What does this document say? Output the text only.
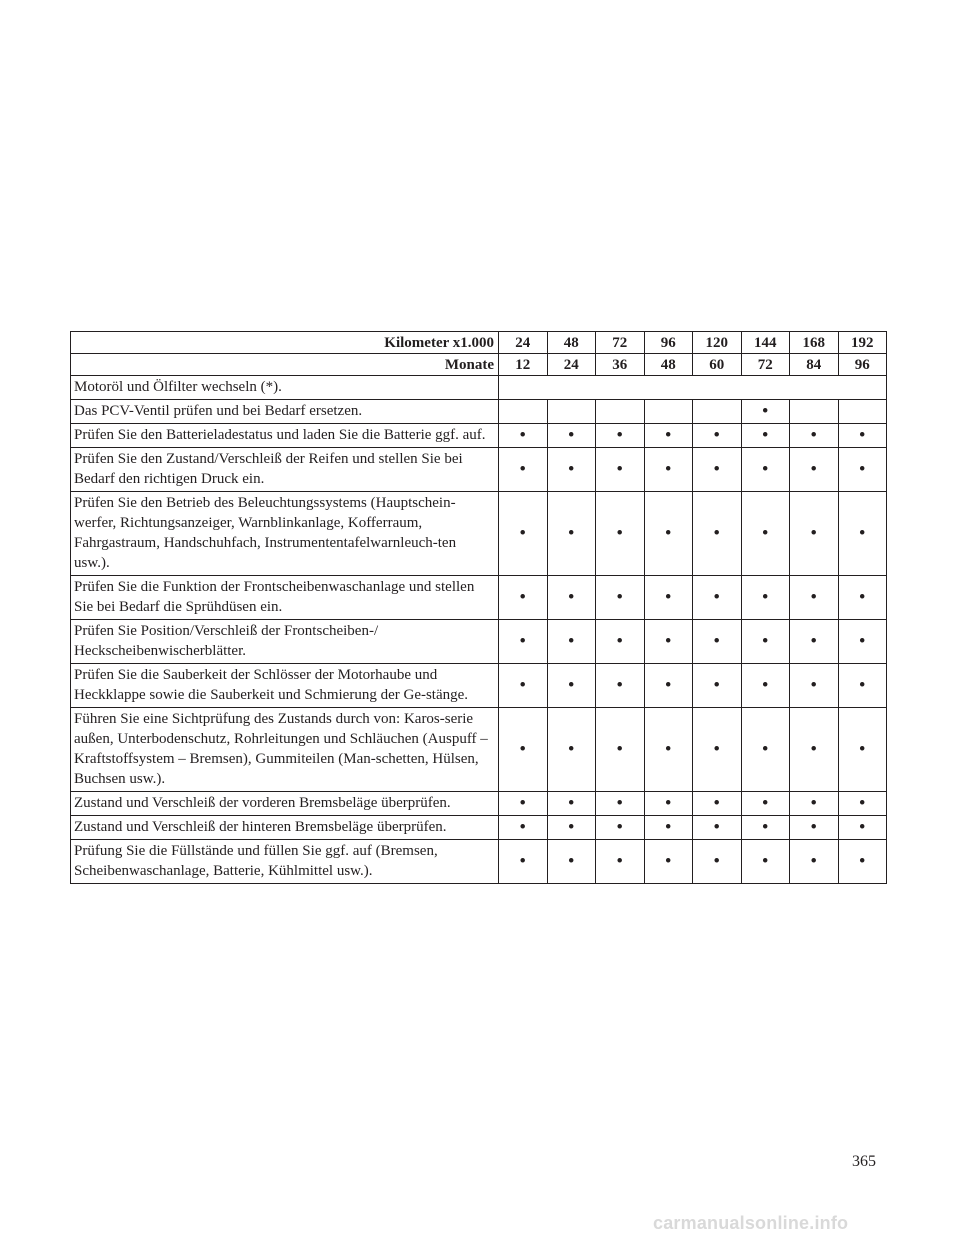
Kilometer x1.000	24	48	72	96	120	144	168	192
Monate	12	24	36	48	60	72	84	96
Motoröl und Ölfilter wechseln (*).								
Das PCV-Ventil prüfen und bei Bedarf ersetzen.						•		
Prüfen Sie den Batterieladestatus und laden Sie die Batterie ggf. auf.	•	•	•	•	•	•	•	•
Prüfen Sie den Zustand/Verschleiß der Reifen und stellen Sie bei Bedarf den richtigen Druck ein.	•	•	•	•	•	•	•	•
Prüfen Sie den Betrieb des Beleuchtungssystems (Hauptschein-werfer, Richtungsanzeiger, Warnblinkanlage, Kofferraum, Fahrgastraum, Handschuhfach, Instrumententafelwarnleuch-ten usw.).	•	•	•	•	•	•	•	•
Prüfen Sie die Funktion der Frontscheibenwaschanlage und stellen Sie bei Bedarf die Sprühdüsen ein.	•	•	•	•	•	•	•	•
Prüfen Sie Position/Verschleiß der Frontscheiben-/ Heckscheibenwischerblätter.	•	•	•	•	•	•	•	•
Prüfen Sie die Sauberkeit der Schlösser der Motorhaube und Heckklappe sowie die Sauberkeit und Schmierung der Ge-stänge.	•	•	•	•	•	•	•	•
Führen Sie eine Sichtprüfung des Zustands durch von: Karos-serie außen, Unterbodenschutz, Rohrleitungen und Schläuchen (Auspuff – Kraftstoffsystem – Bremsen), Gummiteilen (Man-schetten, Hülsen, Buchsen usw.).	•	•	•	•	•	•	•	•
Zustand und Verschleiß der vorderen Bremsbeläge überprüfen.	•	•	•	•	•	•	•	•
Zustand und Verschleiß der hinteren Bremsbeläge überprüfen.	•	•	•	•	•	•	•	•
Prüfung Sie die Füllstände und füllen Sie ggf. auf (Bremsen, Scheibenwaschanlage, Batterie, Kühlmittel usw.).	•	•	•	•	•	•	•	•
365
carmanualsonline.info
